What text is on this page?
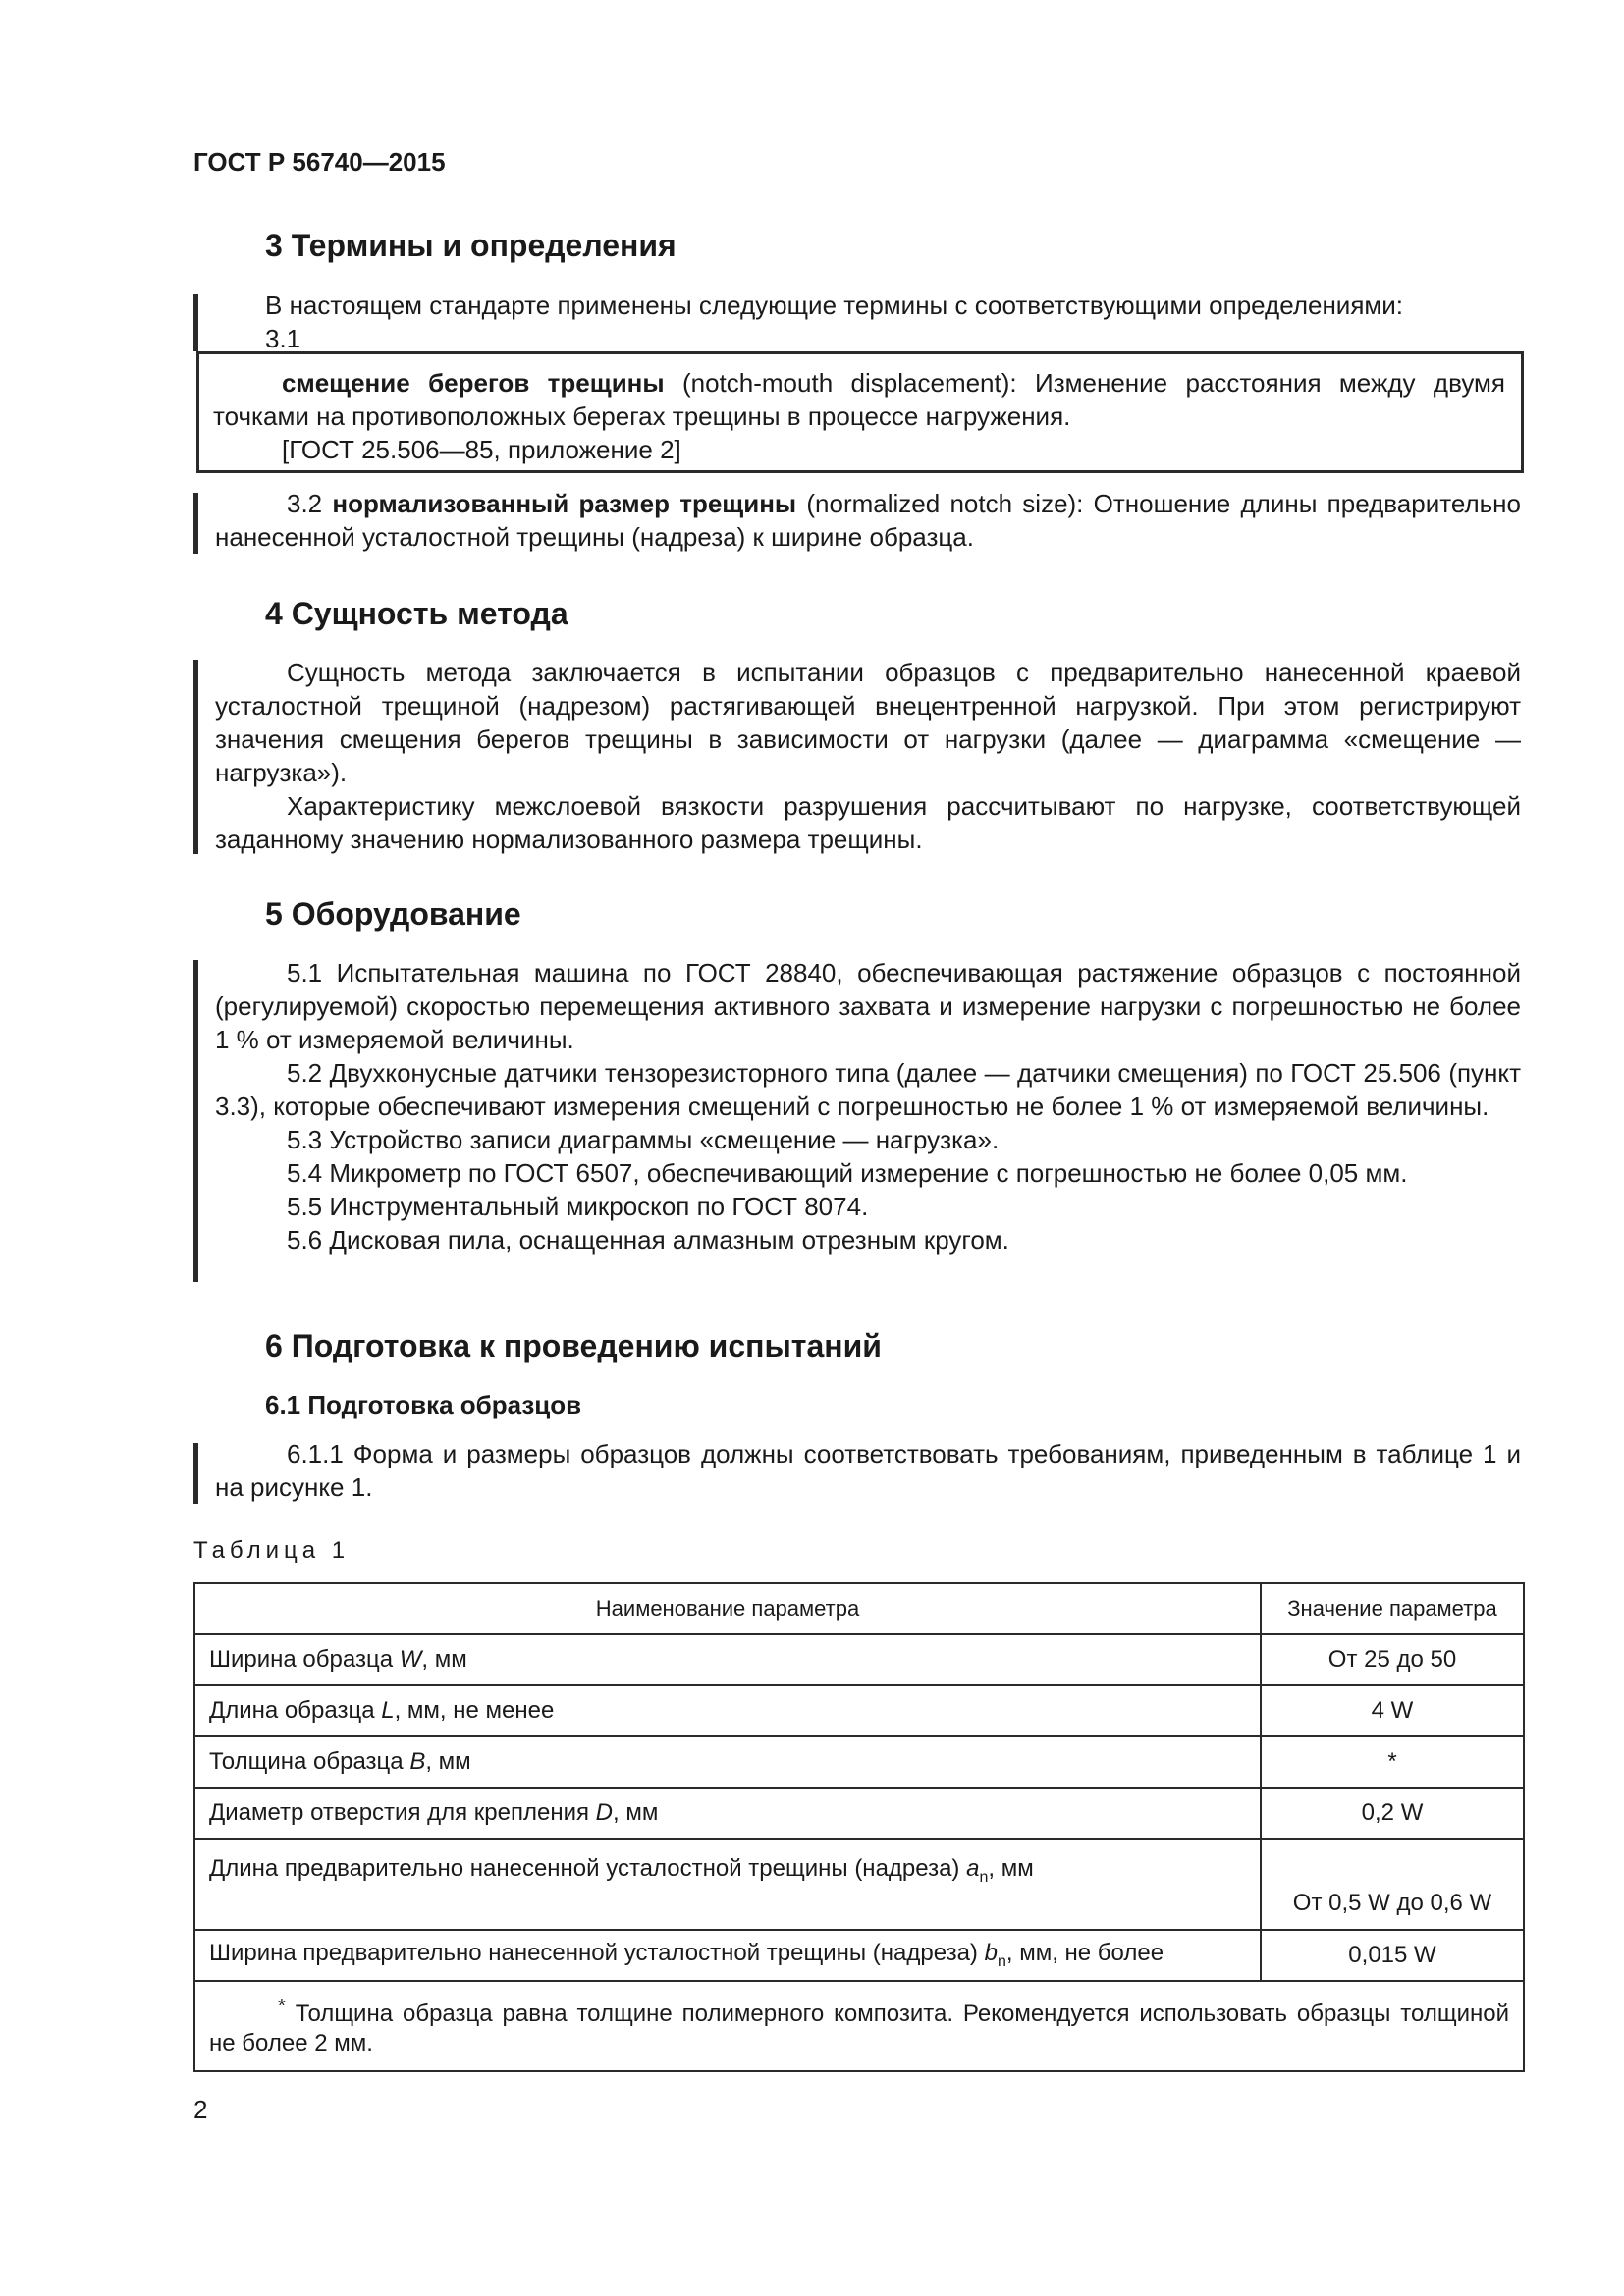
ГОСТ Р 56740—2015
3 Термины и определения

В настоящем стандарте применены следующие термины с соответствующими определениями:

3.1

смещение берегов трещины (notch-mouth displacement): Изменение расстояния между двумя точками на противоположных берегах трещины в процессе нагружения.

[ГОСТ 25.506—85, приложение 2]

3.2 нормализованный размер трещины (normalized notch size): Отношение длины предварительно нанесенной усталостной трещины (надреза) к ширине образца.

4 Сущность метода

Сущность метода заключается в испытании образцов с предварительно нанесенной краевой усталостной трещиной (надрезом) растягивающей внецентренной нагрузкой. При этом регистрируют значения смещения берегов трещины в зависимости от нагрузки (далее — диаграмма «смещение — нагрузка»).

Характеристику межслоевой вязкости разрушения рассчитывают по нагрузке, соответствующей заданному значению нормализованного размера трещины.

5 Оборудование

5.1 Испытательная машина по ГОСТ 28840, обеспечивающая растяжение образцов с постоянной (регулируемой) скоростью перемещения активного захвата и измерение нагрузки с погрешностью не более 1 % от измеряемой величины.

5.2 Двухконусные датчики тензорезисторного типа (далее — датчики смещения) по ГОСТ 25.506 (пункт 3.3), которые обеспечивают измерения смещений с погрешностью не более 1 % от измеряемой величины.

5.3 Устройство записи диаграммы «смещение — нагрузка».

5.4 Микрометр по ГОСТ 6507, обеспечивающий измерение с погрешностью не более 0,05 мм.

5.5 Инструментальный микроскоп по ГОСТ 8074.

5.6 Дисковая пила, оснащенная алмазным отрезным кругом.

6 Подготовка к проведению испытаний
6.1 Подготовка образцов

6.1.1 Форма и размеры образцов должны соответствовать требованиям, приведенным в таблице 1 и на рисунке 1.

Таблица 1
Наименование параметра	Значение параметра
Ширина образца W, мм	От 25 до 50
Длина образца L, мм, не менее	4 W
Толщина образца B, мм	*
Диаметр отверстия для крепления D, мм	0,2 W
Длина предварительно нанесенной усталостной трещины (надреза) $a_n$, мм	От 0,5 W до 0,6 W
Ширина предварительно нанесенной усталостной трещины (надреза) $b_n$, мм, не более	0,015 W
* Толщина образца равна толщине полимерного композита. Рекомендуется использовать образцы толщиной не более 2 мм.	
2
